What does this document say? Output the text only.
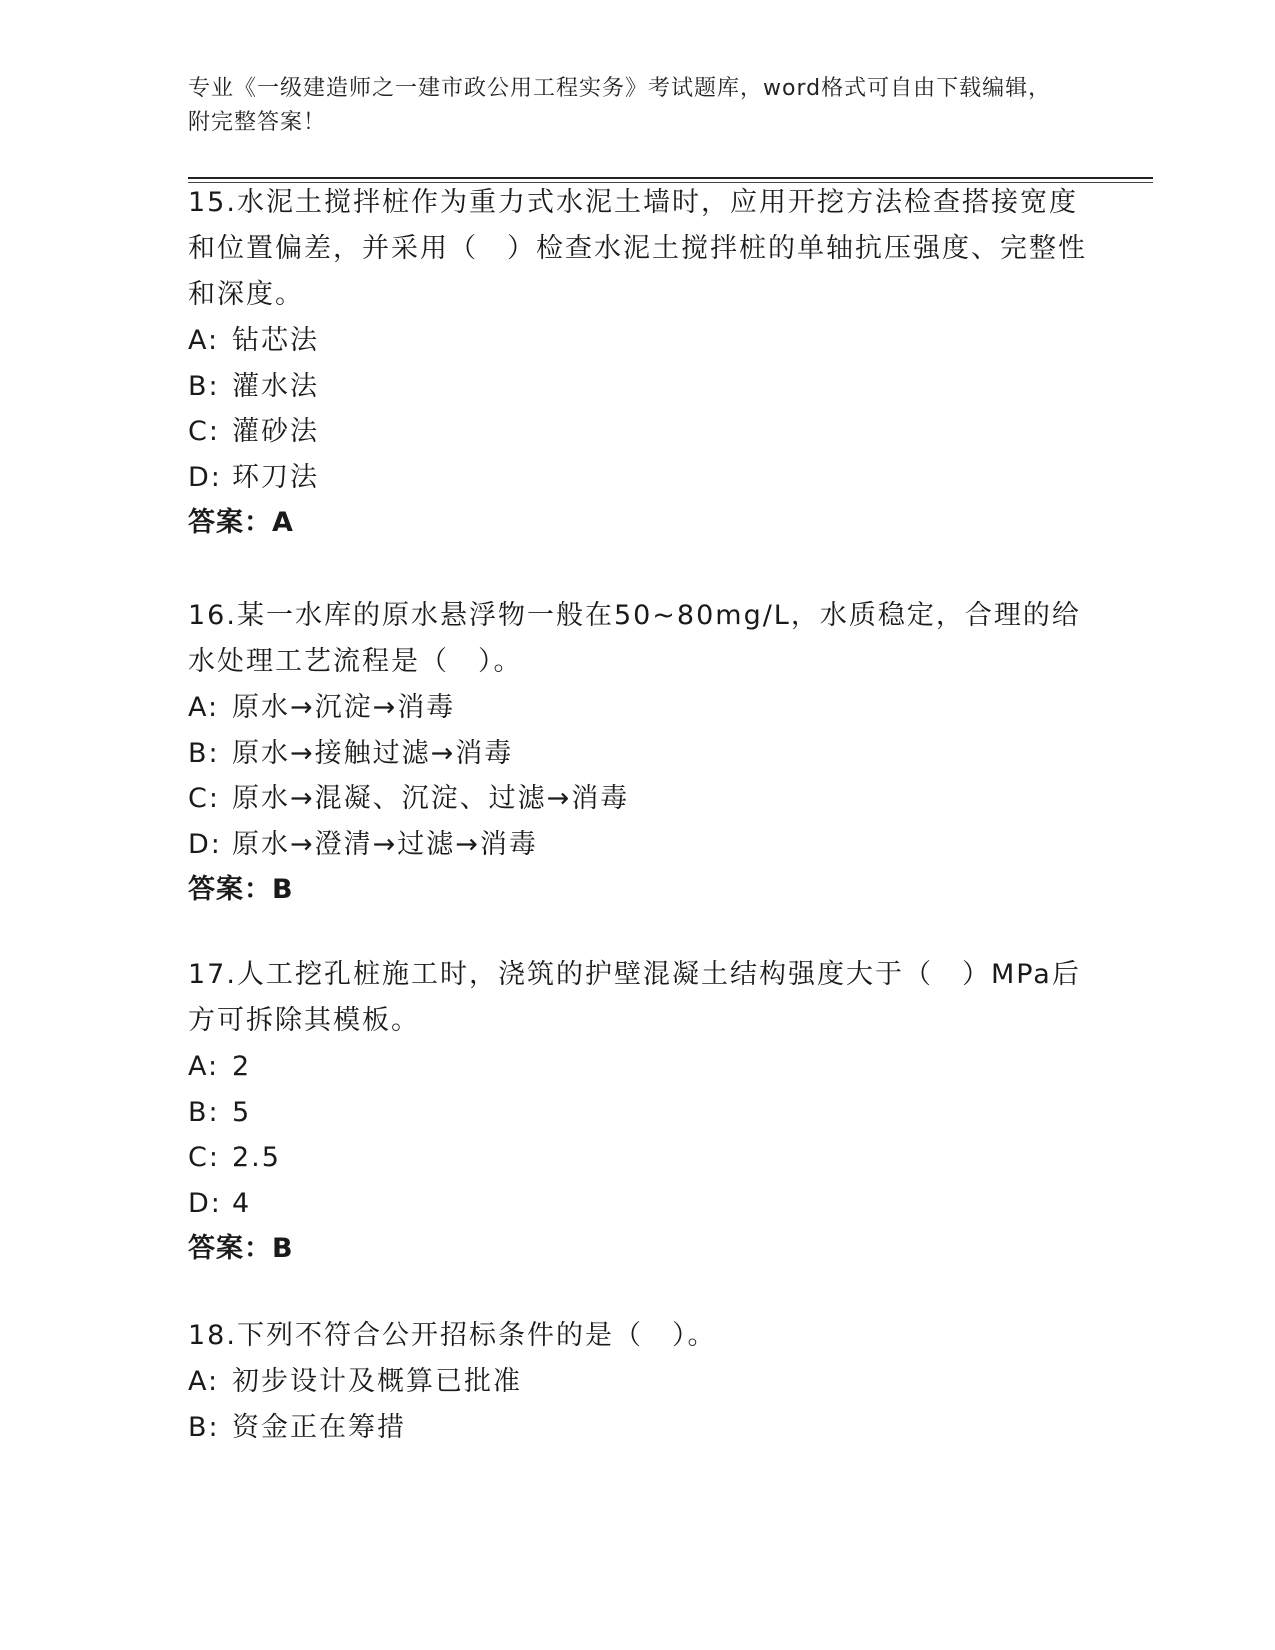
专业《一级建造师之一建市政公用工程实务》考试题库，word格式可自由下载编辑，附完整答案！

15.水泥土搅拌桩作为重力式水泥土墙时，应用开挖方法检查搭接宽度和位置偏差，并采用（　）检查水泥土搅拌桩的单轴抗压强度、完整性和深度。

A: 钻芯法

B: 灌水法

C: 灌砂法

D: 环刀法

答案：A

16.某一水库的原水悬浮物一般在50~80mg/L，水质稳定，合理的给水处理工艺流程是（　）。

A: 原水→沉淀→消毒

B: 原水→接触过滤→消毒

C: 原水→混凝、沉淀、过滤→消毒

D: 原水→澄清→过滤→消毒

答案：B

17.人工挖孔桩施工时，浇筑的护壁混凝土结构强度大于（　）MPa后方可拆除其模板。

A: 2

B: 5

C: 2.5

D: 4

答案：B

18.下列不符合公开招标条件的是（　）。

A: 初步设计及概算已批准

B: 资金正在筹措
